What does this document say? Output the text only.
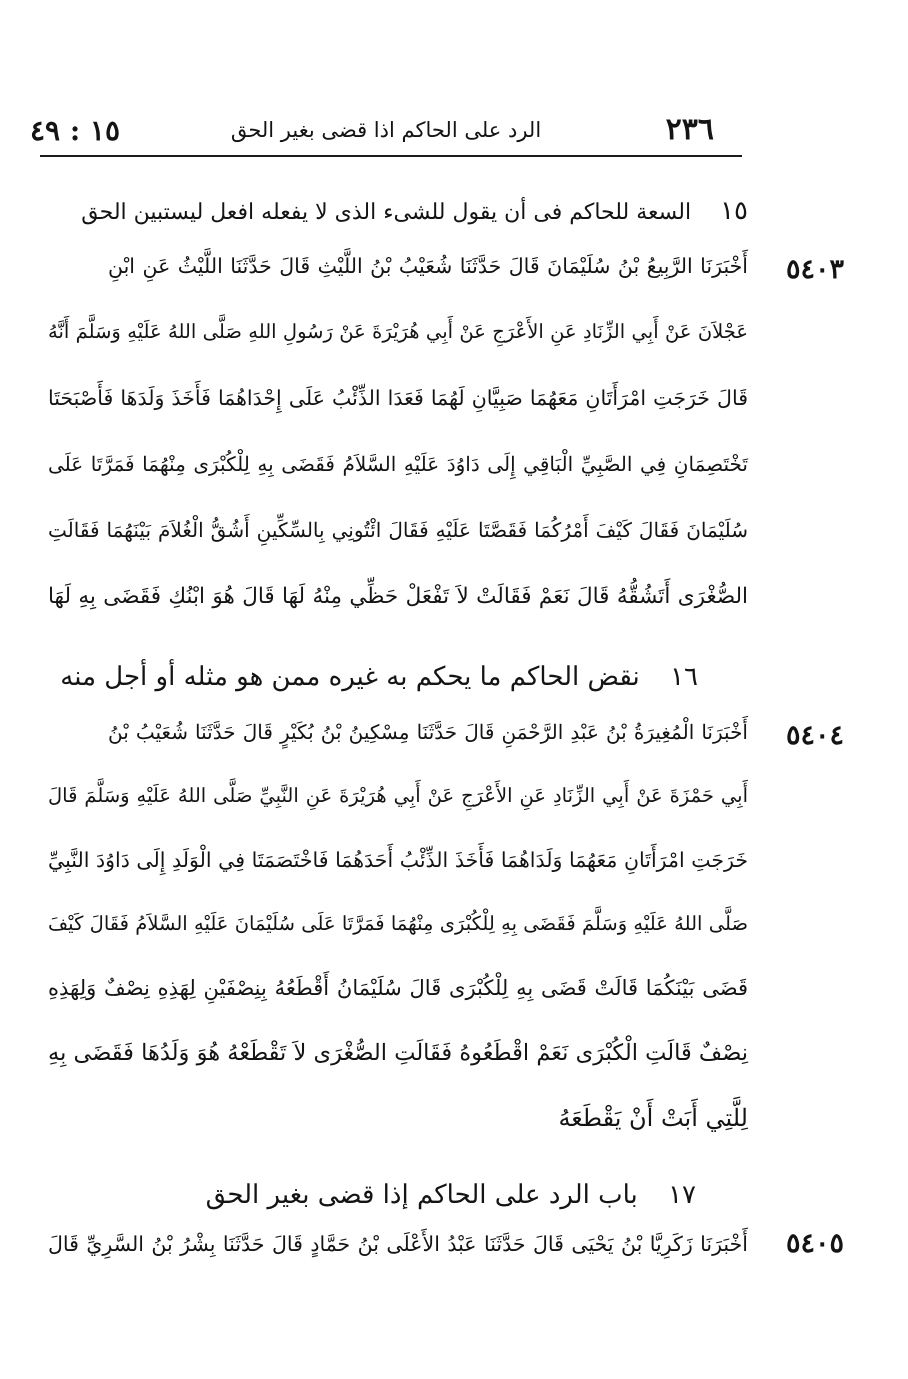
٢٣٦
الرد على الحاكم اذا قضى بغير الحق
١٥ : ٤٩
١٥ السعة للحاكم فى أن يقول للشىء الذى لا يفعله افعل ليستبين الحق
٥٤٠٣
أَخْبَرَنَا الرَّبِيعُ بْنُ سُلَيْمَانَ قَالَ حَدَّثَنَا شُعَيْبُ بْنُ اللَّيْثِ قَالَ حَدَّثَنَا اللَّيْثُ عَنِ ابْنِ
عَجْلاَنَ عَنْ أَبِي الزِّنَادِ عَنِ الأَعْرَجِ عَنْ أَبِي هُرَيْرَةَ عَنْ رَسُولِ اللهِ صَلَّى اللهُ عَلَيْهِ وَسَلَّمَ أَنَّهُ
قَالَ خَرَجَتِ امْرَأَتَانِ مَعَهُمَا صَبِيَّانِ لَهُمَا فَعَدَا الذِّئْبُ عَلَى إِحْدَاهُمَا فَأَخَذَ وَلَدَهَا فَأَصْبَحَتَا
تَخْتَصِمَانِ فِي الصَّبِيِّ الْبَاقِي إِلَى دَاوُدَ عَلَيْهِ السَّلاَمُ فَقَضَى بِهِ لِلْكُبْرَى مِنْهُمَا فَمَرَّتَا عَلَى
سُلَيْمَانَ فَقَالَ كَيْفَ أَمْرُكُمَا فَقَصَّتَا عَلَيْهِ فَقَالَ ائْتُونِي بِالسِّكِّينِ أَشُقُّ الْغُلاَمَ بَيْنَهُمَا فَقَالَتِ
الصُّغْرَى أَتَشُقُّهُ قَالَ نَعَمْ فَقَالَتْ لاَ تَفْعَلْ حَظِّي مِنْهُ لَهَا قَالَ هُوَ ابْنُكِ فَقَضَى بِهِ لَهَا
١٦ نقض الحاكم ما يحكم به غيره ممن هو مثله أو أجل منه
٥٤٠٤
أَخْبَرَنَا الْمُغِيرَةُ بْنُ عَبْدِ الرَّحْمَنِ قَالَ حَدَّثَنَا مِسْكِينُ بْنُ بُكَيْرٍ قَالَ حَدَّثَنَا شُعَيْبُ بْنُ
أَبِي حَمْزَةَ عَنْ أَبِي الزِّنَادِ عَنِ الأَعْرَجِ عَنْ أَبِي هُرَيْرَةَ عَنِ النَّبِيِّ صَلَّى اللهُ عَلَيْهِ وَسَلَّمَ قَالَ
خَرَجَتِ امْرَأَتَانِ مَعَهُمَا وَلَدَاهُمَا فَأَخَذَ الذِّئْبُ أَحَدَهُمَا فَاخْتَصَمَتَا فِي الْوَلَدِ إِلَى دَاوُدَ النَّبِيِّ
صَلَّى اللهُ عَلَيْهِ وَسَلَّمَ فَقَضَى بِهِ لِلْكُبْرَى مِنْهُمَا فَمَرَّتَا عَلَى سُلَيْمَانَ عَلَيْهِ السَّلاَمُ فَقَالَ كَيْفَ
قَضَى بَيْنَكُمَا قَالَتْ قَضَى بِهِ لِلْكُبْرَى قَالَ سُلَيْمَانُ أَقْطَعُهُ بِنِصْفَيْنِ لِهَذِهِ نِصْفٌ وَلِهَذِهِ
نِصْفٌ قَالَتِ الْكُبْرَى نَعَمْ اقْطَعُوهُ فَقَالَتِ الصُّغْرَى لاَ تَقْطَعْهُ هُوَ وَلَدُهَا فَقَضَى بِهِ
لِلَّتِي أَبَتْ أَنْ يَقْطَعَهُ
١٧ باب الرد على الحاكم إذا قضى بغير الحق
٥٤٠٥
أَخْبَرَنَا زَكَرِيَّا بْنُ يَحْيَى قَالَ حَدَّثَنَا عَبْدُ الأَعْلَى بْنُ حَمَّادٍ قَالَ حَدَّثَنَا بِشْرُ بْنُ السَّرِيِّ قَالَ
